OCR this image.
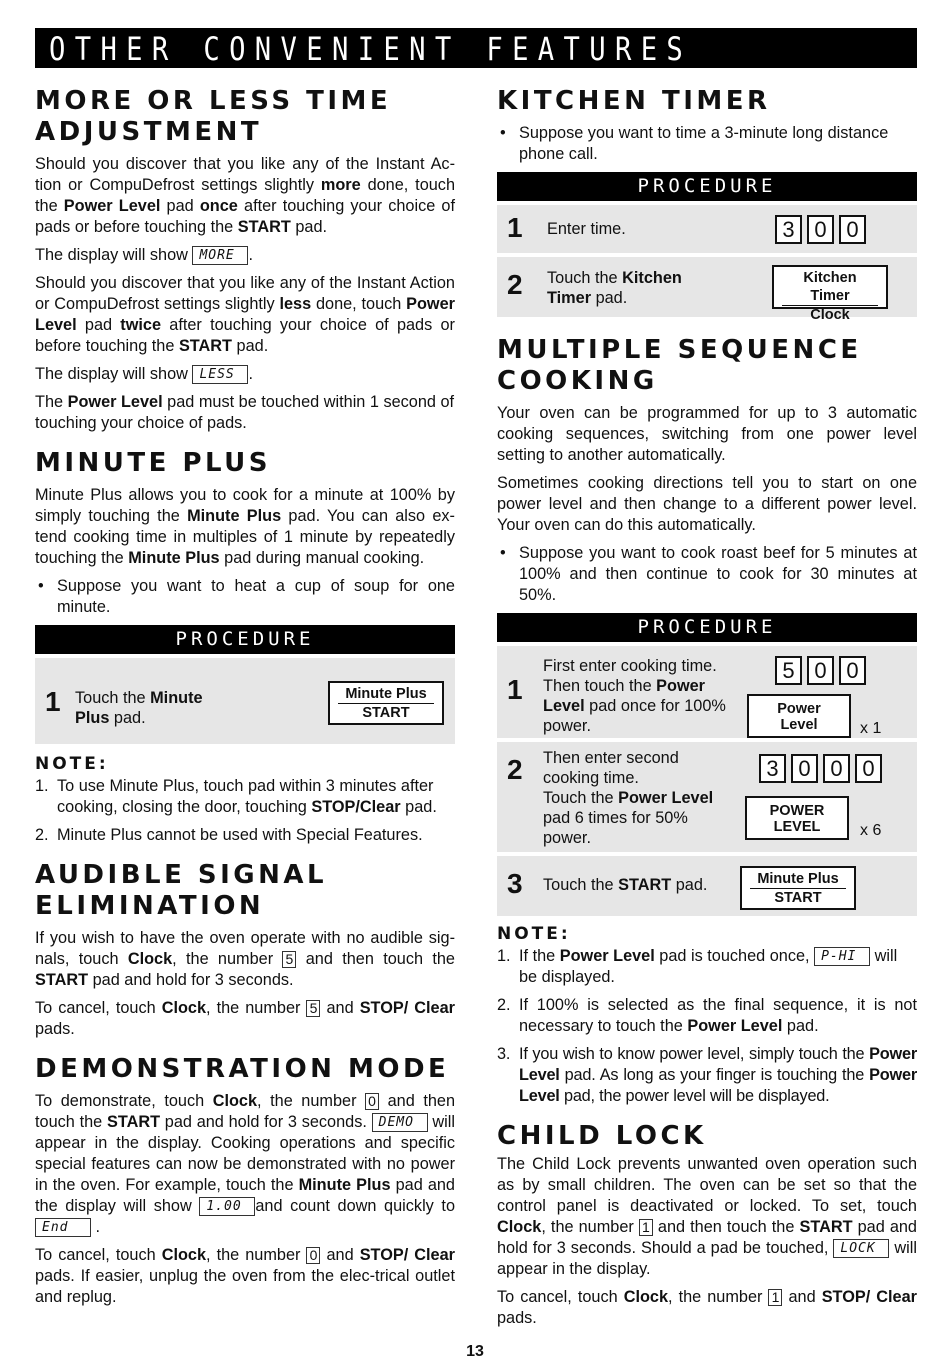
OTHER CONVENIENT FEATURES
MORE OR LESS TIME
ADJUSTMENT

Should you discover that you like any of the Instant Ac-tion or CompuDefrost settings slightly more done, touch the Power Level pad once after touching your choice of pads or before touching the START pad.

The display will show MORE .

Should you discover that you like any of the Instant Action or CompuDefrost settings slightly less done, touch Power Level pad twice after touching your choice of pads or before touching the START pad.

The display will show LESS .

The Power Level pad must be touched within 1 second of touching your choice of pads.

MINUTE PLUS

Minute Plus allows you to cook for a minute at 100% by simply touching the Minute Plus pad. You can also ex-tend cooking time in multiples of 1 minute by repeatedly touching the Minute Plus pad during manual cooking.

• Suppose you want to heat a cup of soup for one minute.
PROCEDURE
1 Touch the Minute Plus pad.
Minute Plus
START
NOTE:
1. To use Minute Plus, touch pad within 3 minutes after cooking, closing the door, touching STOP/Clear pad.
2. Minute Plus cannot be used with Special Features.
AUDIBLE SIGNAL
ELIMINATION

If you wish to have the oven operate with no audible sig-nals, touch Clock, the number 5 and then touch the START pad and hold for 3 seconds.

To cancel, touch Clock, the number 5 and STOP/ Clear pads.

DEMONSTRATION MODE

To demonstrate, touch Clock, the number 0 and then touch the START pad and hold for 3 seconds. DEMO will appear in the display. Cooking operations and specific special features can now be demonstrated with no power in the oven. For example, touch the Minute Plus pad and the display will show 1.00 and count down quickly to End .

To cancel, touch Clock, the number 0 and STOP/ Clear pads. If easier, unplug the oven from the elec-trical outlet and replug.

KITCHEN TIMER
• Suppose you want to time a 3-minute long distance phone call.
PROCEDURE
1 Enter time.	3 0 0
2 Touch the Kitchen
Timer pad.
Kitchen Timer
Clock
MULTIPLE SEQUENCE
COOKING

Your oven can be programmed for up to 3 automatic cooking sequences, switching from one power level setting to another automatically.

Sometimes cooking directions tell you to start on one power level and then change to a different power level. Your oven can do this automatically.

• Suppose you want to cook roast beef for 5 minutes at 100% and then continue to cook for 30 minutes at 50%.
PROCEDURE
1
First enter cooking time.
Then touch the Power
Level pad once for 100%
power.
5 0 0
Power
Level	x 1
2 Then enter second
cooking time.
Touch the Power Level
pad 6 times for 50%
power.
3 0 0 0
POWER
LEVEL	x 6
3 Touch the START pad.	Minute Plus
START
NOTE:
1. If the Power Level pad is touched once, P-HI will be displayed.
2. If 100% is selected as the final sequence, it is not necessary to touch the Power Level pad.
3. If you wish to know power level, simply touch the Power Level pad. As long as your finger is touching the Power Level pad, the power level will be displayed.
CHILD LOCK

The Child Lock prevents unwanted oven operation such as by small children. The oven can be set so that the control panel is deactivated or locked. To set, touch Clock, the number 1 and then touch the START pad and hold for 3 seconds. Should a pad be touched, LOCK will appear in the display.

To cancel, touch Clock, the number 1 and STOP/ Clear pads.

13
